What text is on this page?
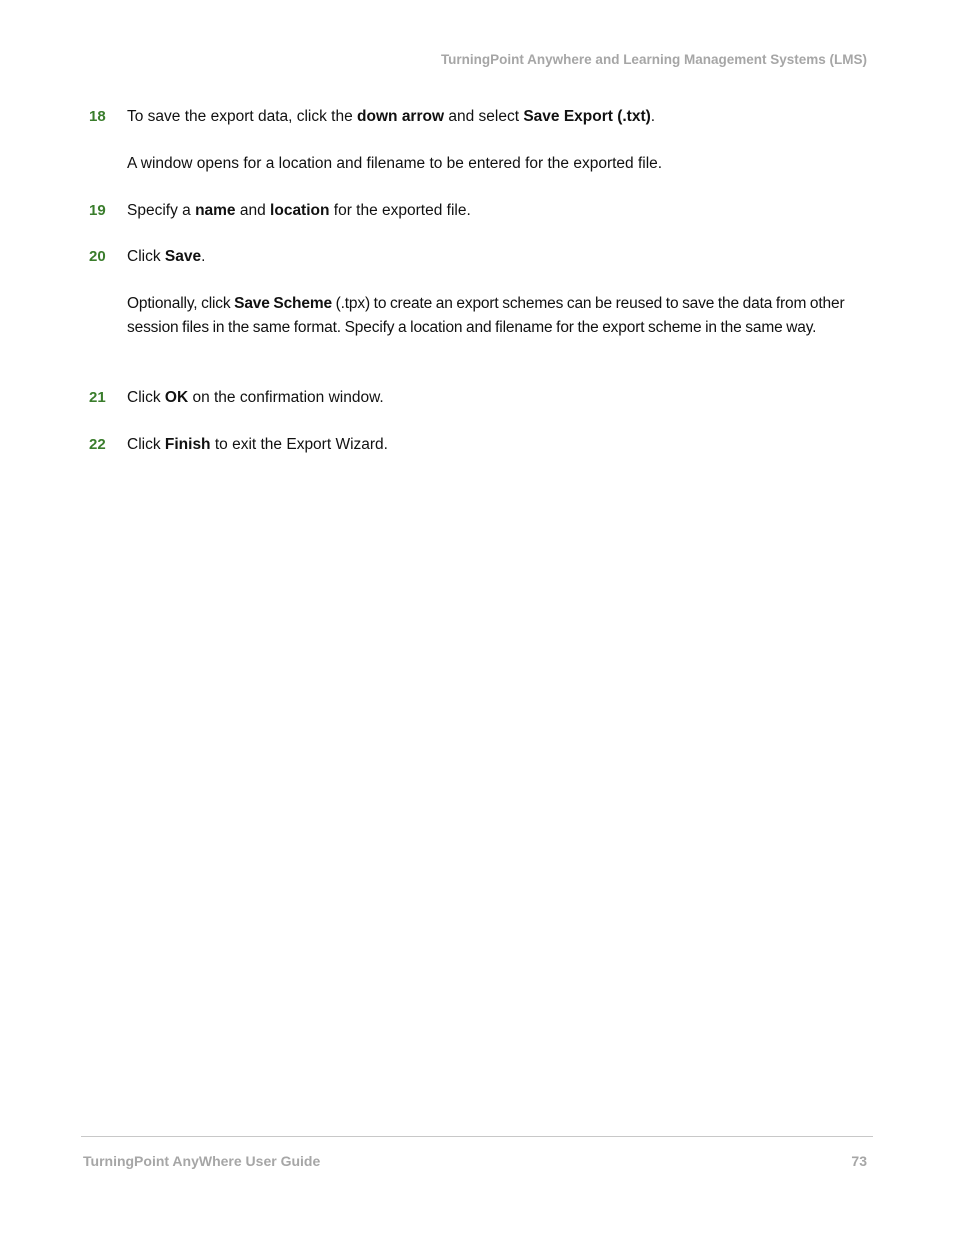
TurningPoint Anywhere and Learning Management Systems (LMS)
18 To save the export data, click the down arrow and select Save Export (.txt).
A window opens for a location and filename to be entered for the exported file.
19 Specify a name and location for the exported file.
20 Click Save.
Optionally, click Save Scheme (.tpx) to create an export schemes can be reused to save the data from other session files in the same format. Specify a location and filename for the export scheme in the same way.
21 Click OK on the confirmation window.
22 Click Finish to exit the Export Wizard.
TurningPoint AnyWhere User Guide	73
